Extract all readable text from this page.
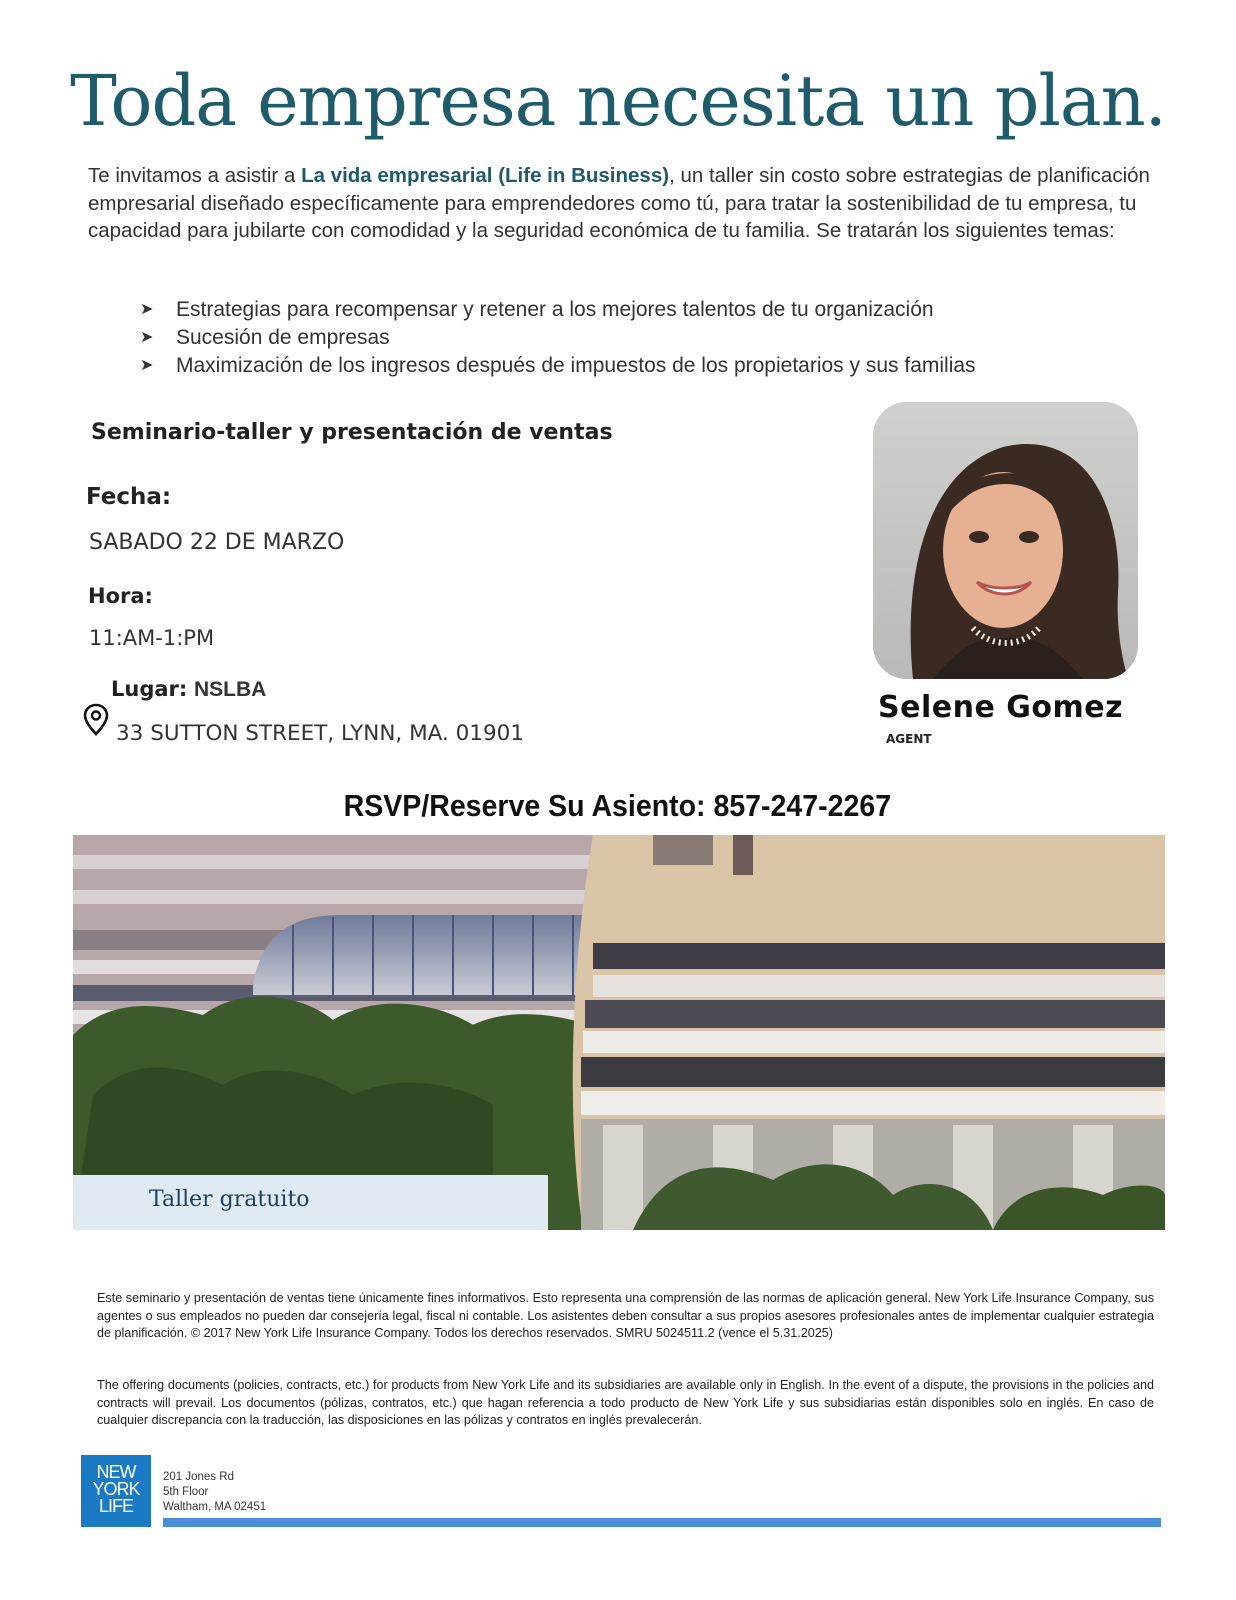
Toda empresa necesita un plan.
Te invitamos a asistir a La vida empresarial (Life in Business), un taller sin costo sobre estrategias de planificación empresarial diseñado específicamente para emprendedores como tú, para tratar la sostenibilidad de tu empresa, tu capacidad para jubilarte con comodidad y la seguridad económica de tu familia. Se tratarán los siguientes temas:
➤	Estrategias para recompensar y retener a los mejores talentos de tu organización
➤	Sucesión de empresas
➤	Maximización de los ingresos después de impuestos de los propietarios y sus familias
Seminario-taller y presentación de ventas
Fecha:
SABADO 22 DE MARZO
Hora:
11:AM-1:PM
Lugar: NSLBA
33 SUTTON STREET, LYNN, MA. 01901
Selene Gomez
AGENT
RSVP/Reserve Su Asiento: 857-247-2267
Taller gratuito
Este seminario y presentación de ventas tiene únicamente fines informativos. Esto representa una comprensión de las normas de aplicación general. New York Life Insurance Company, sus agentes o sus empleados no pueden dar consejería legal, fiscal ni contable. Los asistentes deben consultar a sus propios asesores profesionales antes de implementar cualquier estrategia de planificación. © 2017 New York Life Insurance Company. Todos los derechos reservados. SMRU 5024511.2 (vence el 5.31.2025)
The offering documents (policies, contracts, etc.) for products from New York Life and its subsidiaries are available only in English. In the event of a dispute, the provisions in the policies and contracts will prevail. Los documentos (pólizas, contratos, etc.) que hagan referencia a todo producto de New York Life y sus subsidiarias están disponibles solo en inglés. En caso de cualquier discrepancia con la traducción, las disposiciones en las pólizas y contratos en inglés prevalecerán.
NEW
YORK
LIFE
201 Jones Rd
5th Floor
Waltham, MA 02451
